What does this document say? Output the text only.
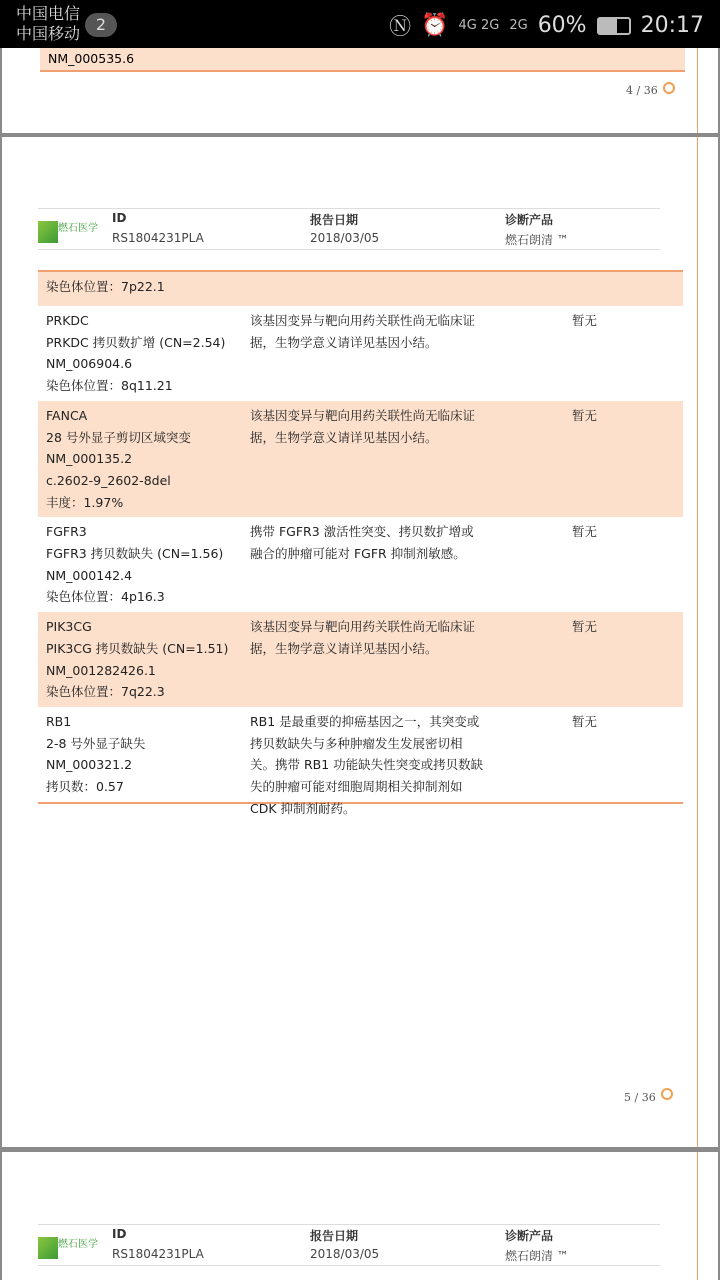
中国电信
中国移动 2	Ⓝ ⏰ 4G 2G 2G 60% 20:17
NM_000535.6
4 / 36
燃石医学
ID
RS1804231PLA
报告日期
2018/03/05
诊断产品
燃石朗清 ™
染色体位置：7p22.1
PRKDC
PRKDC 拷贝数扩增 (CN=2.54)
NM_006904.6
染色体位置：8q11.21
该基因变异与靶向用药关联性尚无临床证
据，生物学意义请详见基因小结。
暂无
FANCA
28 号外显子剪切区域突变
NM_000135.2
c.2602-9_2602-8del
丰度：1.97%
该基因变异与靶向用药关联性尚无临床证
据，生物学意义请详见基因小结。
暂无
FGFR3
FGFR3 拷贝数缺失 (CN=1.56)
NM_000142.4
染色体位置：4p16.3
携带 FGFR3 激活性突变、拷贝数扩增或
融合的肿瘤可能对 FGFR 抑制剂敏感。
暂无
PIK3CG
PIK3CG 拷贝数缺失 (CN=1.51)
NM_001282426.1
染色体位置：7q22.3
该基因变异与靶向用药关联性尚无临床证
据，生物学意义请详见基因小结。
暂无
RB1
2-8 号外显子缺失
NM_000321.2
拷贝数：0.57
RB1 是最重要的抑癌基因之一，其突变或
拷贝数缺失与多种肿瘤发生发展密切相
关。携带 RB1 功能缺失性突变或拷贝数缺
失的肿瘤可能对细胞周期相关抑制剂如
CDK 抑制剂耐药。
暂无
5 / 36
燃石医学
ID
RS1804231PLA
报告日期
2018/03/05
诊断产品
燃石朗清 ™
